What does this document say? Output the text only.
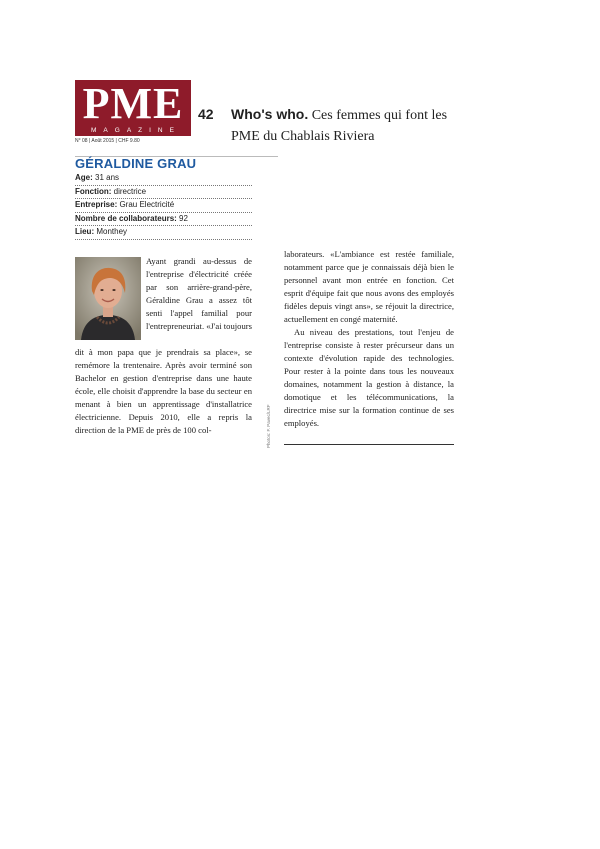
PME
MAGAZINE
N° 08 | Août 2015 | CHF 9.80
42 Who's who. Ces femmes qui font les PME du Chablais Riviera
GÉRALDINE GRAU
Age: 31 ans
Fonction: directrice
Entreprise: Grau Electricité
Nombre de collaborateurs: 92
Lieu: Monthey

Ayant grandi au-dessus de l'entreprise d'électricité créée par son arrière-grand-père, Géraldine Grau a assez tôt senti l'appel familial pour l'entrepreneuriat. «J'ai toujours

dit à mon papa que je prendrais sa place», se remémore la trentenaire. Après avoir terminé son Bachelor en gestion d'entreprise dans une haute école, elle choisit d'apprendre la base du secteur en menant à bien un apprentissage d'installatrice électricienne. Depuis 2010, elle a repris la direction de la PME de près de 100 col-	Photos: F. Pavec/LRF

laborateurs. «L'ambiance est restée familiale, notamment parce que je connaissais déjà bien le personnel avant mon entrée en fonction. Cet esprit d'équipe fait que nous avons des employés fidèles depuis vingt ans», se réjouit la directrice, actuellement en congé maternité.

Au niveau des prestations, tout l'enjeu de l'entreprise consiste à rester précurseur dans un contexte d'évolution rapide des technologies. Pour rester à la pointe dans tous les nouveaux domaines, notamment la gestion à distance, la domotique et les télécommunications, la directrice mise sur la formation continue de ses employés.
